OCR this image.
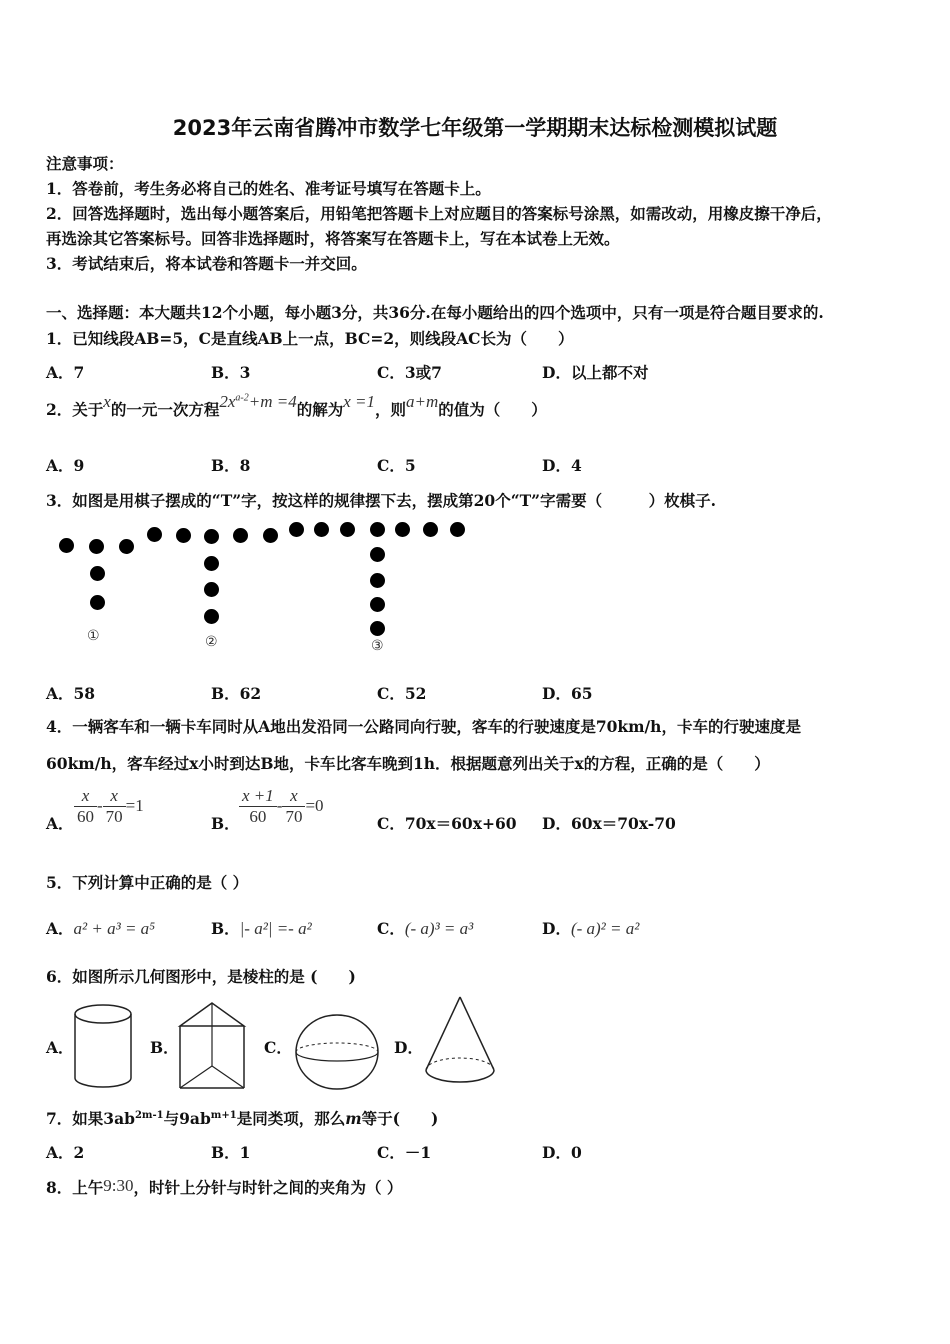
2023年云南省腾冲市数学七年级第一学期期末达标检测模拟试题
注意事项：
1．答卷前，考生务必将自己的姓名、准考证号填写在答题卡上。
2．回答选择题时，选出每小题答案后，用铅笔把答题卡上对应题目的答案标号涂黑，如需改动，用橡皮擦干净后，
再选涂其它答案标号。回答非选择题时，将答案写在答题卡上，写在本试卷上无效。
3．考试结束后，将本试卷和答题卡一并交回。
一、选择题：本大题共12个小题，每小题3分，共36分.在每小题给出的四个选项中，只有一项是符合题目要求的.
1．已知线段AB=5，C是直线AB上一点，BC=2，则线段AC长为（　　）
A．7	B．3	C．3或7	D．以上都不对
2．关于x的一元一次方程$2x^{a-2}+m =4$的解为x =1，则a+m的值为（　　）
A．9	B．8	C．5	D．4
3．如图是用棋子摆成的“T”字，按这样的规律摆下去，摆成第20个“T”字需要（　　　）枚棋子.
①	②	③
A．58	B．62	C．52	D．65
4．一辆客车和一辆卡车同时从A地出发沿同一公路同向行驶，客车的行驶速度是70km/h，卡车的行驶速度是
60km/h，客车经过x小时到达B地，卡车比客车晚到1h．根据题意列出关于x的方程，正确的是（　　）
A． $\frac{x}{60} - \frac{x}{70} =1$
B． $\frac{x +1}{60} - \frac{x}{70} =0$
C．70x＝60x+60 D．60x＝70x-70
5．下列计算中正确的是（ ）
A．a² + a³ = a⁵	B．|- a²| =- a²	C．(- a)³ = a³	D．(- a)² = a²
6．如图所示几何图形中，是棱柱的是 (　　)
A．	B．	C．	D．
7．如果$3ab^{2m-1}$与$9ab^{m+1}$是同类项，那么m等于(　　)
A．2	B．1	C．－1	D．0
8．上午9:30，时针上分针与时针之间的夹角为（ ）
